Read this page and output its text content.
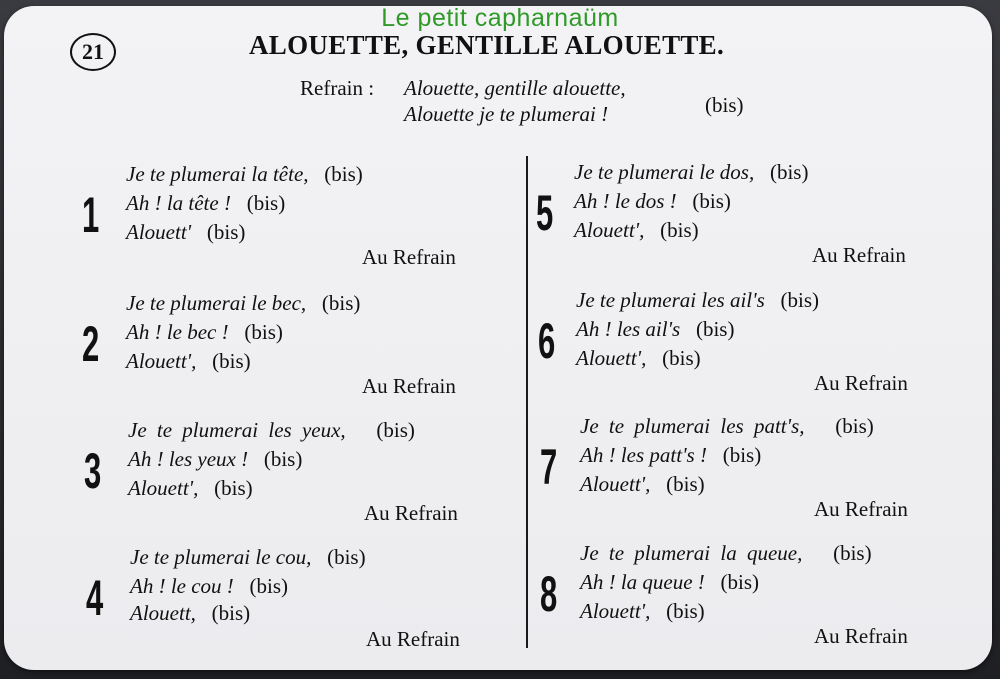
21	ALOUETTE, GENTILLE ALOUETTE.
Refrain : Alouette, gentille alouette,
Alouette je te plumerai !	(bis)
1
Je te plumerai la tête, (bis)
Ah ! la tête ! (bis)
Alouett' (bis)
Au Refrain
2
Je te plumerai le bec, (bis)
Ah ! le bec ! (bis)
Alouett', (bis)
Au Refrain
3
Je te plumerai les yeux, (bis)
Ah ! les yeux ! (bis)
Alouett', (bis)
Au Refrain
4
Je te plumerai le cou, (bis)
Ah ! le cou ! (bis)
Alouett, (bis)
Au Refrain
5
Je te plumerai le dos, (bis)
Ah ! le dos ! (bis)
Alouett', (bis)
Au Refrain
6
Je te plumerai les ail's (bis)
Ah ! les ail's (bis)
Alouett', (bis)
Au Refrain
7
Je te plumerai les patt's, (bis)
Ah ! les patt's ! (bis)
Alouett', (bis)
Au Refrain
8
Je te plumerai la queue, (bis)
Ah ! la queue ! (bis)
Alouett', (bis)
Au Refrain
Le petit capharnaüm
